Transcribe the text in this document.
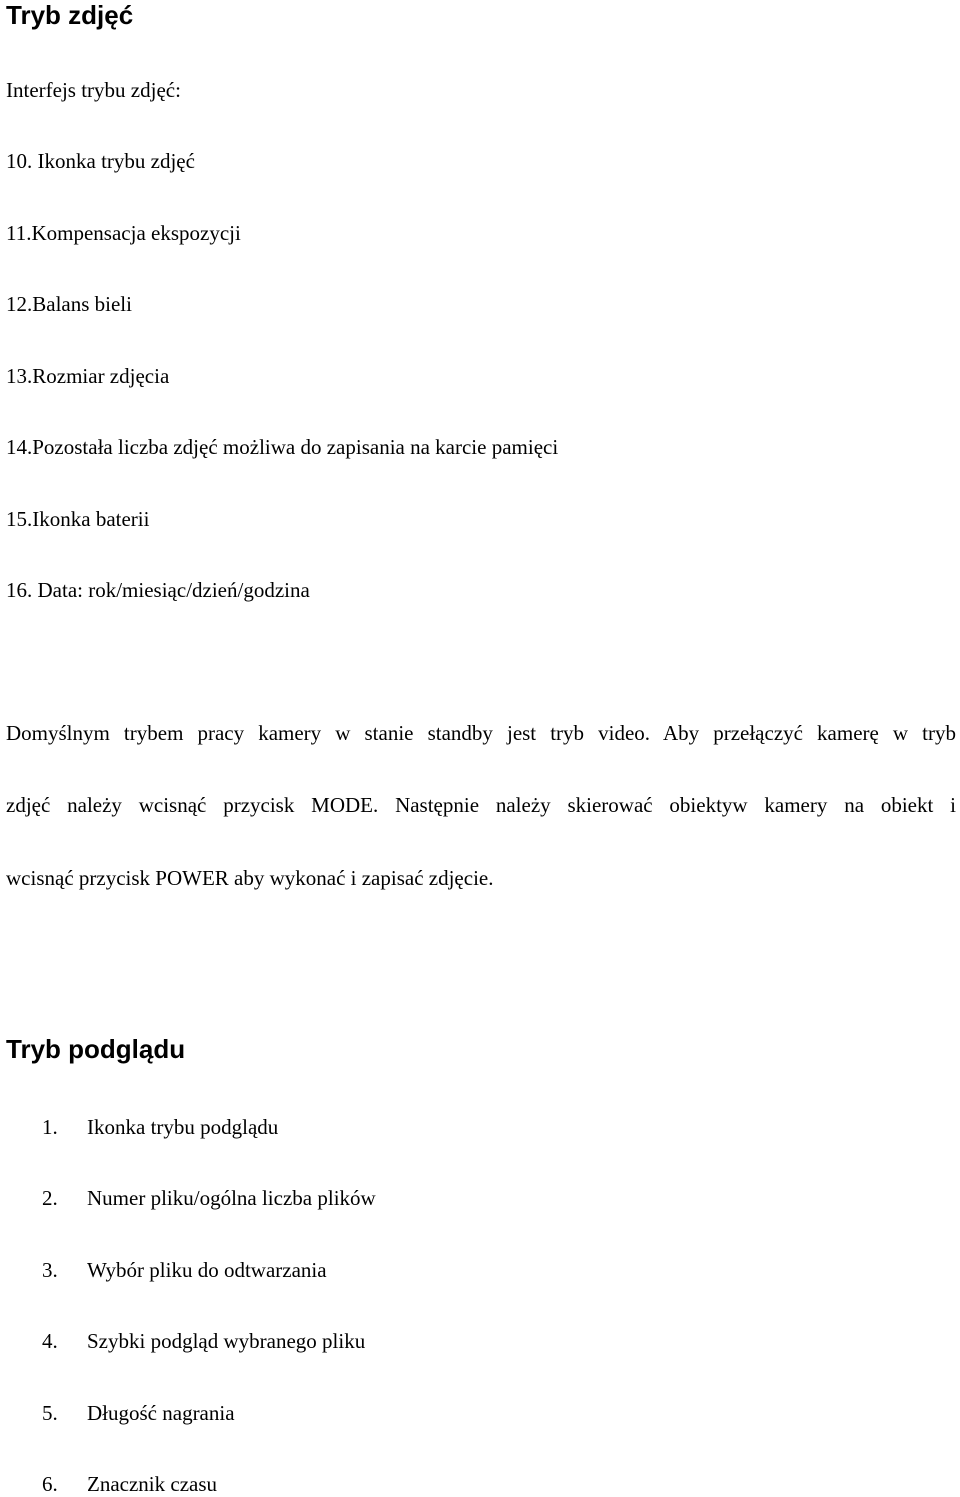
Tryb zdjęć

Interfejs trybu zdjęć:

10. Ikonka trybu zdjęć

11.Kompensacja ekspozycji

12.Balans bieli

13.Rozmiar zdjęcia

14.Pozostała liczba zdjęć możliwa do zapisania na karcie pamięci

15.Ikonka baterii

16. Data: rok/miesiąc/dzień/godzina

Domyślnym trybem pracy kamery w stanie standby jest tryb video. Aby przełączyć kamerę w tryb
zdjęć należy wcisnąć przycisk MODE. Następnie należy skierować obiektyw kamery na obiekt i
wcisnąć przycisk POWER aby wykonać i zapisać zdjęcie.
Tryb podglądu
1. Ikonka trybu podglądu
2. Numer pliku/ogólna liczba plików
3. Wybór pliku do odtwarzania
4. Szybki podgląd wybranego pliku
5. Długość nagrania
6. Znacznik czasu
